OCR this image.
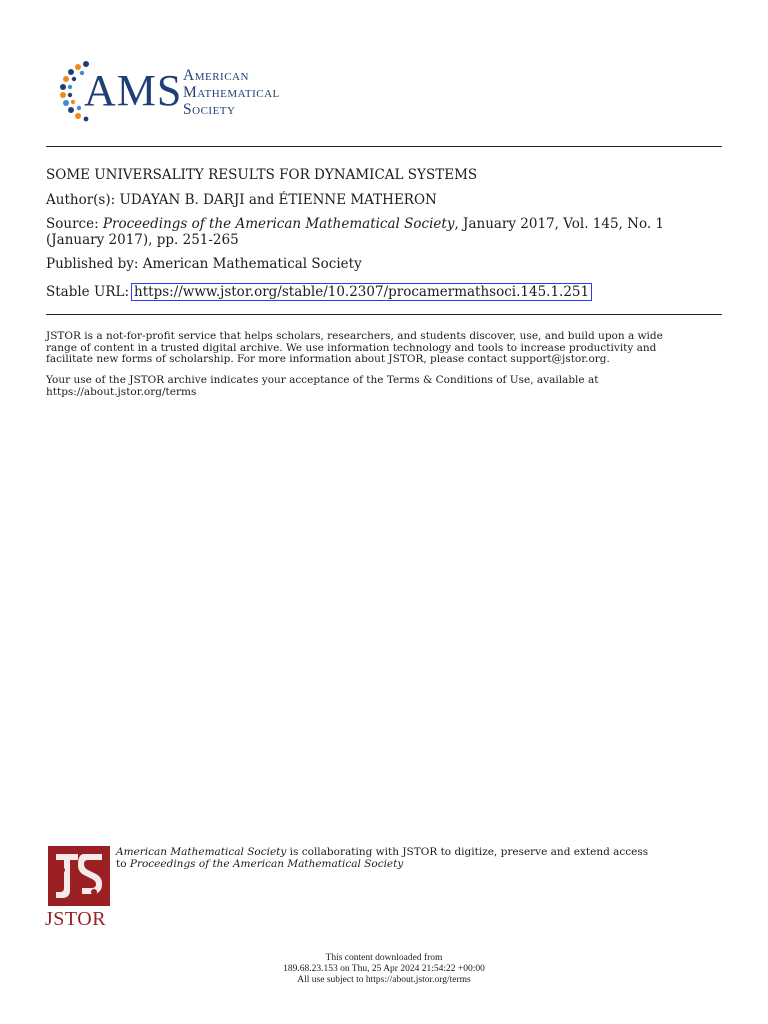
AMS American
Mathematical
Society
SOME UNIVERSALITY RESULTS FOR DYNAMICAL SYSTEMS
Author(s): UDAYAN B. DARJI and ÉTIENNE MATHERON
Source: Proceedings of the American Mathematical Society, January 2017, Vol. 145, No. 1
(January 2017), pp. 251-265
Published by: American Mathematical Society
Stable URL: https://www.jstor.org/stable/10.2307/procamermathsoci.145.1.251
JSTOR is a not-for-profit service that helps scholars, researchers, and students discover, use, and build upon a wide
range of content in a trusted digital archive. We use information technology and tools to increase productivity and
facilitate new forms of scholarship. For more information about JSTOR, please contact support@jstor.org.
Your use of the JSTOR archive indicates your acceptance of the Terms & Conditions of Use, available at
https://about.jstor.org/terms
JSTOR
American Mathematical Society is collaborating with JSTOR to digitize, preserve and extend access
to Proceedings of the American Mathematical Society
This content downloaded from
189.68.23.153 on Thu, 25 Apr 2024 21:54:22 +00:00
All use subject to https://about.jstor.org/terms
